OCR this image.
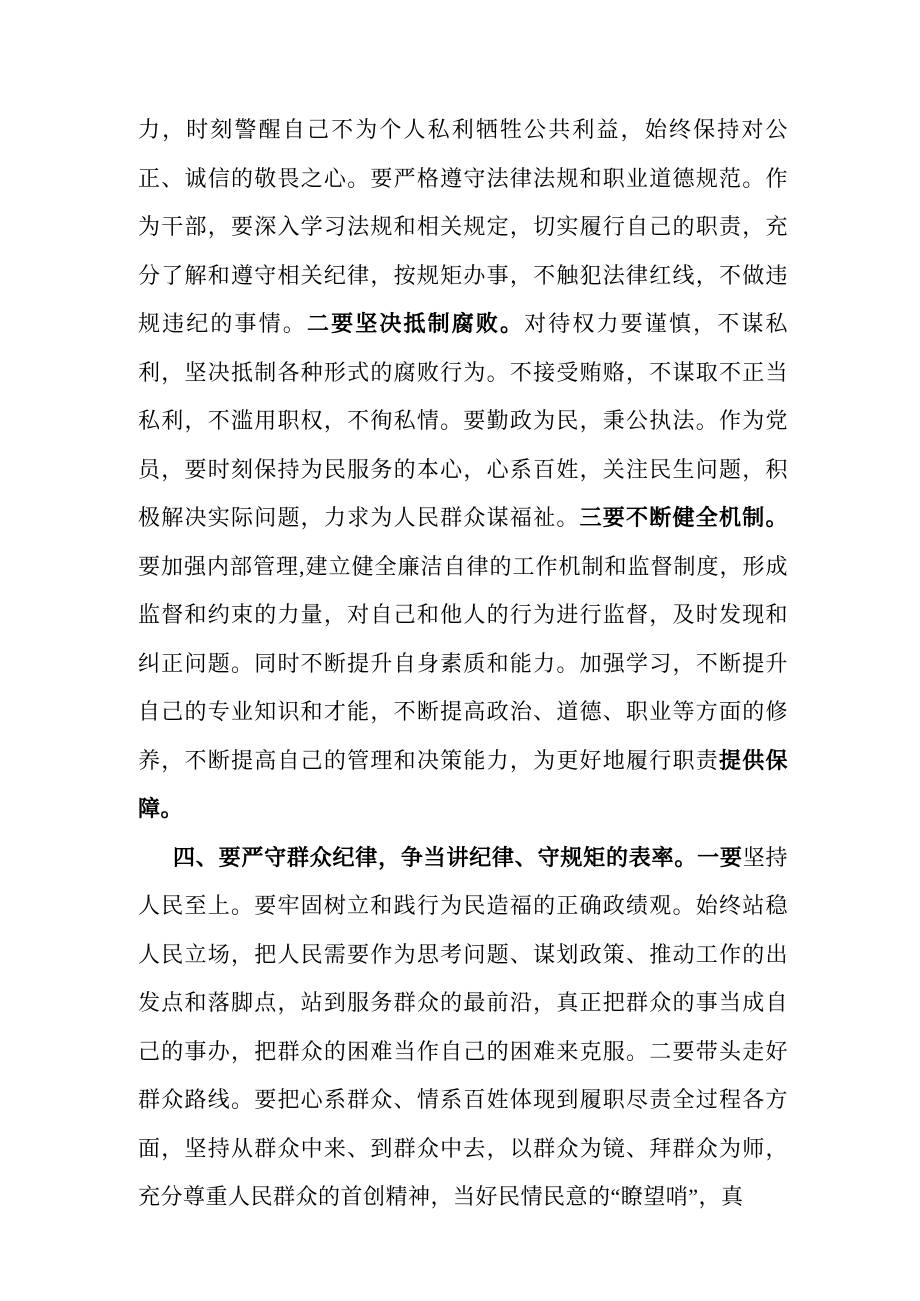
力，时刻警醒自己不为个人私利牺牲公共利益，始终保持对公正、诚信的敬畏之心。要严格遵守法律法规和职业道德规范。作为干部，要深入学习法规和相关规定，切实履行自己的职责，充分了解和遵守相关纪律，按规矩办事，不触犯法律红线，不做违规违纪的事情。二要坚决抵制腐败。对待权力要谨慎，不谋私利，坚决抵制各种形式的腐败行为。不接受贿赂，不谋取不正当私利，不滥用职权，不徇私情。要勤政为民，秉公执法。作为党员，要时刻保持为民服务的本心，心系百姓，关注民生问题，积极解决实际问题，力求为人民群众谋福祉。三要不断健全机制。要加强内部管理,建立健全廉洁自律的工作机制和监督制度，形成监督和约束的力量，对自己和他人的行为进行监督，及时发现和纠正问题。同时不断提升自身素质和能力。加强学习，不断提升自己的专业知识和才能，不断提高政治、道德、职业等方面的修养，不断提高自己的管理和决策能力，为更好地履行职责提供保障。

四、要严守群众纪律，争当讲纪律、守规矩的表率。一要坚持人民至上。要牢固树立和践行为民造福的正确政绩观。始终站稳人民立场，把人民需要作为思考问题、谋划政策、推动工作的出发点和落脚点，站到服务群众的最前沿，真正把群众的事当成自己的事办，把群众的困难当作自己的困难来克服。二要带头走好群众路线。要把心系群众、情系百姓体现到履职尽责全过程各方面，坚持从群众中来、到群众中去，以群众为镜、拜群众为师，充分尊重人民群众的首创精神，当好民情民意的“瞭望哨”，真
